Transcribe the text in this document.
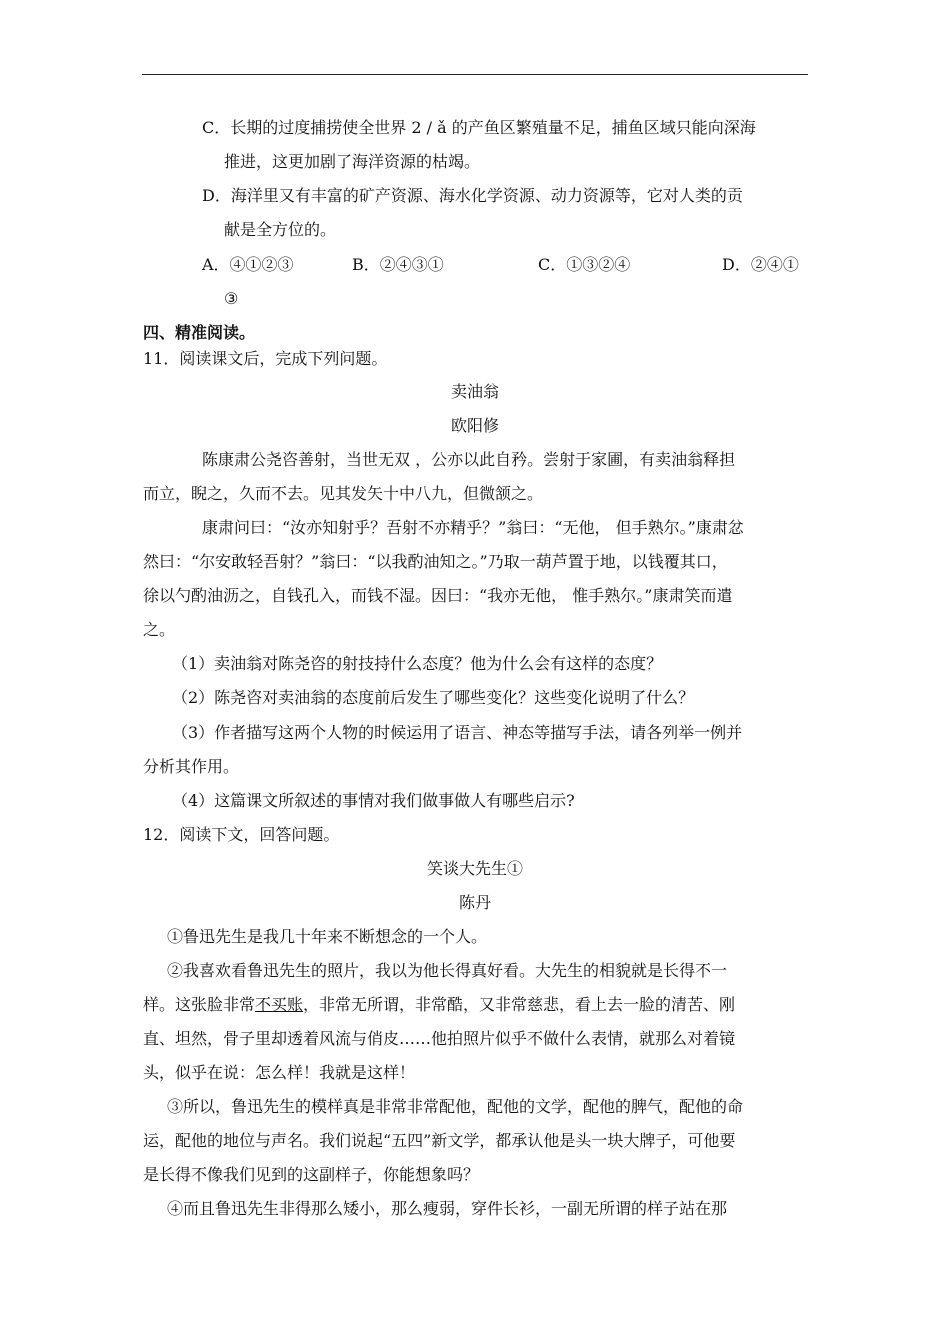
C．长期的过度捕捞使全世界 2 / ǎ 的产鱼区繁殖量不足，捕鱼区域只能向深海
推进，这更加剧了海洋资源的枯竭。
D．海洋里又有丰富的矿产资源、海水化学资源、动力资源等，它对人类的贡
献是全方位的。
A．④①②③	B．②④③①	C．①③②④	D．②④①
③
四、精准阅读。
11．阅读课文后，完成下列问题。
卖油翁
欧阳修
陈康肃公尧咨善射，当世无双 ，公亦以此自矜。尝射于家圃，有卖油翁释担
而立，睨之，久而不去。见其发矢十中八九，但微颔之。
康肃问曰：“汝亦知射乎？吾射不亦精乎？”翁曰：“无他， 但手熟尔。”康肃忿
然曰：“尔安敢轻吾射？”翁曰：“以我酌油知之。”乃取一葫芦置于地，以钱覆其口，
徐以勺酌油沥之，自钱孔入，而钱不湿。因曰：“我亦无他， 惟手熟尔。”康肃笑而遣
之。
（1）卖油翁对陈尧咨的射技持什么态度？他为什么会有这样的态度？
（2）陈尧咨对卖油翁的态度前后发生了哪些变化？这些变化说明了什么？
（3）作者描写这两个人物的时候运用了语言、神态等描写手法，请各列举一例并
分析其作用。
（4）这篇课文所叙述的事情对我们做事做人有哪些启示?
12．阅读下文，回答问题。
笑谈大先生①
陈丹
①鲁迅先生是我几十年来不断想念的一个人。
②我喜欢看鲁迅先生的照片，我以为他长得真好看。大先生的相貌就是长得不一
样。这张脸非常不买账，非常无所谓，非常酷，又非常慈悲，看上去一脸的清苦、刚
直、坦然，骨子里却透着风流与俏皮……他拍照片似乎不做什么表情，就那么对着镜
头，似乎在说：怎么样！我就是这样！
③所以，鲁迅先生的模样真是非常非常配他，配他的文学，配他的脾气，配他的命
运，配他的地位与声名。我们说起“五四”新文学，都承认他是头一块大牌子，可他要
是长得不像我们见到的这副样子，你能想象吗？
④而且鲁迅先生非得那么矮小，那么瘦弱，穿件长衫，一副无所谓的样子站在那
